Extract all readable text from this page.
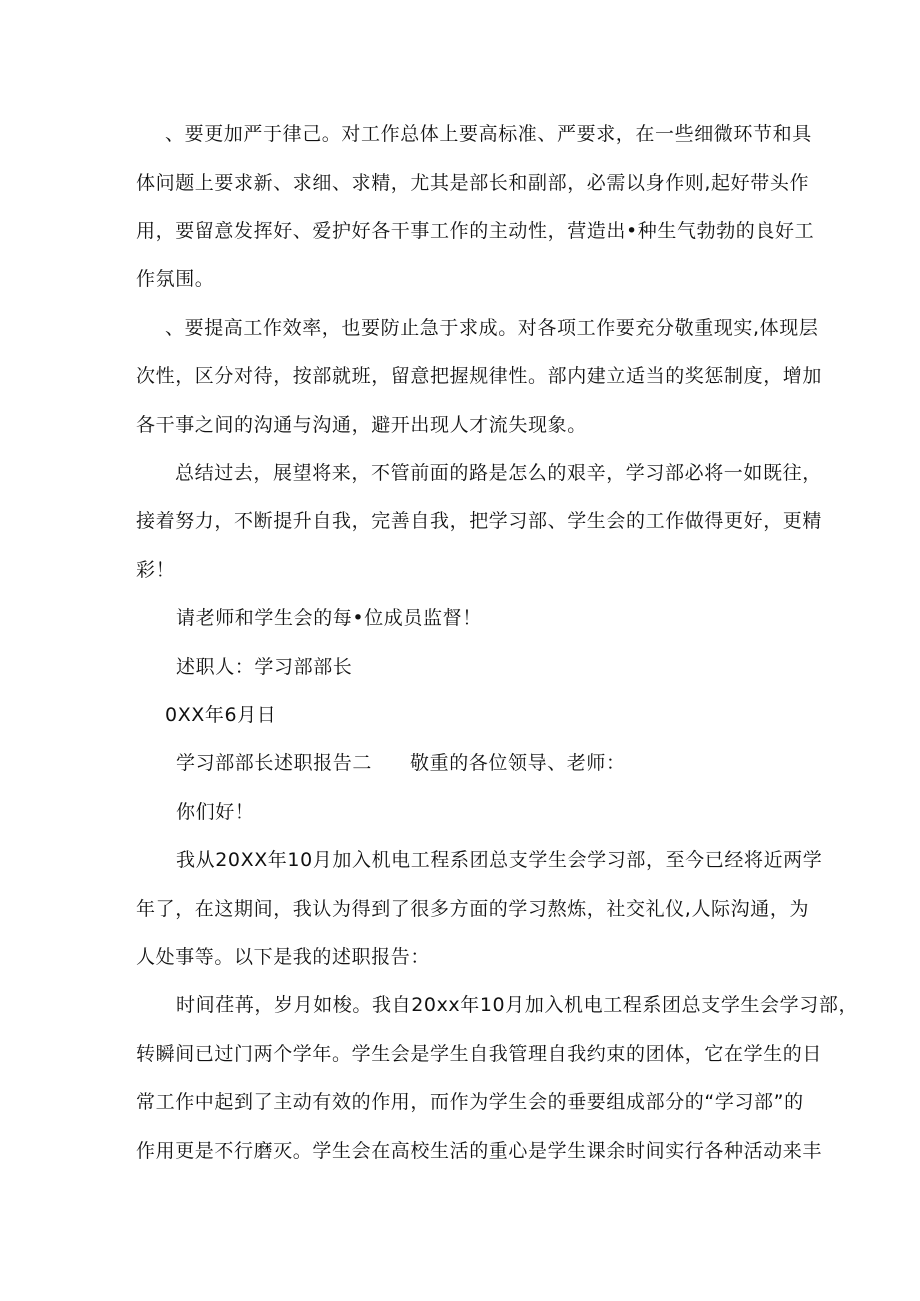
、要更加严于律己。对工作总体上要高标准、严要求，在一些细微环节和具
体问题上要求新、求细、求精，尤其是部长和副部，必需以身作则,起好带头作
用，要留意发挥好、爱护好各干事工作的主动性，营造出•种生气勃勃的良好工
作氛围。
、要提高工作效率，也要防止急于求成。对各项工作要充分敬重现实,体现层
次性，区分对待，按部就班，留意把握规律性。部内建立适当的奖惩制度，增加
各干事之间的沟通与沟通，避开出现人才流失现象。
总结过去，展望将来，不管前面的路是怎么的艰辛，学习部必将一如既往，
接着努力，不断提升自我，完善自我，把学习部、学生会的工作做得更好，更精
彩！
请老师和学生会的每•位成员监督！
述职人：学习部部长
0XX年6月日
学习部部长述职报告二 敬重的各位领导、老师：
你们好！
我从20XX年10月加入机电工程系团总支学生会学习部，至今已经将近两学
年了，在这期间，我认为得到了很多方面的学习熬炼，社交礼仪,人际沟通，为
人处事等。以下是我的述职报告：
时间荏苒，岁月如梭。我自20xx年10月加入机电工程系团总支学生会学习部，
转瞬间已过门两个学年。学生会是学生自我管理自我约束的团体，它在学生的日
常工作中起到了主动有效的作用，而作为学生会的垂要组成部分的“学习部”的
作用更是不行磨灭。学生会在高校生活的重心是学生课余时间实行各种活动来丰
